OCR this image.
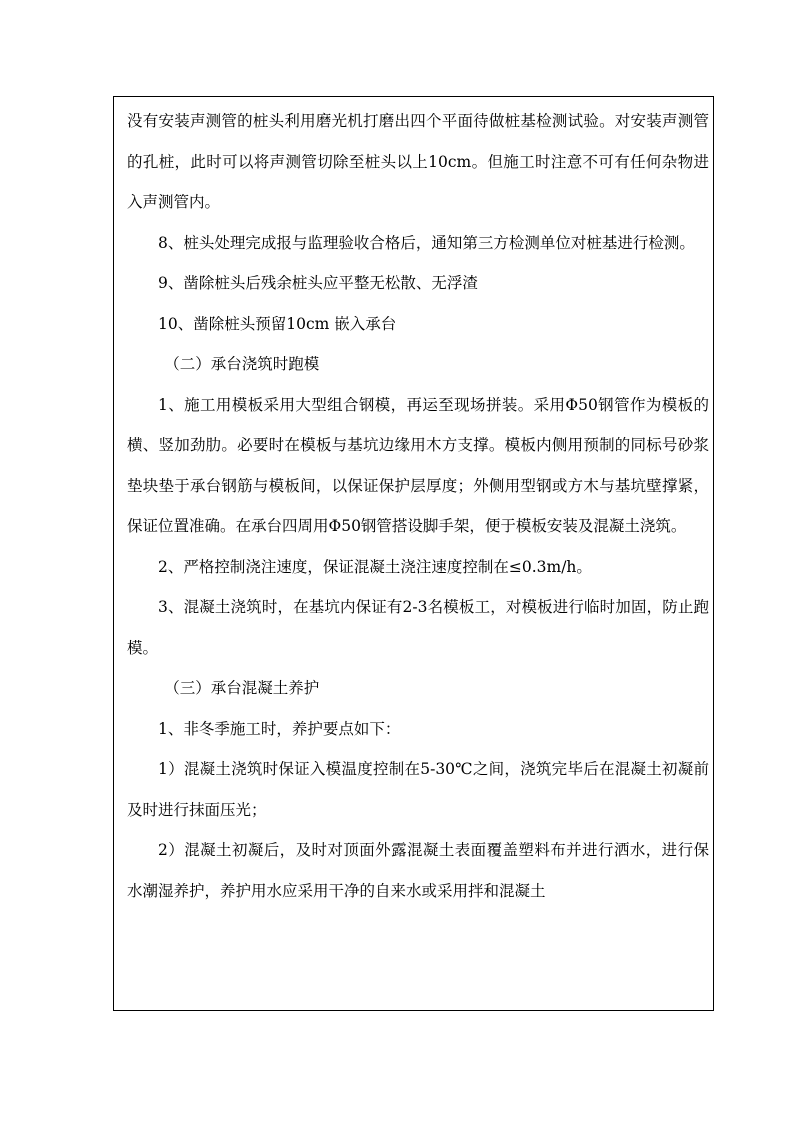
没有安装声测管的桩头利用磨光机打磨出四个平面待做桩基检测试验。对安装声测管的孔桩，此时可以将声测管切除至桩头以上10cm。但施工时注意不可有任何杂物进入声测管内。

8、桩头处理完成报与监理验收合格后，通知第三方检测单位对桩基进行检测。

9、凿除桩头后残余桩头应平整无松散、无浮渣

10、凿除桩头预留10cm 嵌入承台

（二）承台浇筑时跑模

1、施工用模板采用大型组合钢模，再运至现场拼装。采用Φ50钢管作为模板的横、竖加劲肋。必要时在模板与基坑边缘用木方支撑。模板内侧用预制的同标号砂浆垫块垫于承台钢筋与模板间，以保证保护层厚度；外侧用型钢或方木与基坑壁撑紧，保证位置准确。在承台四周用Φ50钢管搭设脚手架，便于模板安装及混凝土浇筑。

2、严格控制浇注速度，保证混凝土浇注速度控制在≤0.3m/h。

3、混凝土浇筑时，在基坑内保证有2-3名模板工，对模板进行临时加固，防止跑模。

（三）承台混凝土养护

1、非冬季施工时，养护要点如下：

1）混凝土浇筑时保证入模温度控制在5-30℃之间，浇筑完毕后在混凝土初凝前及时进行抹面压光；

2）混凝土初凝后，及时对顶面外露混凝土表面覆盖塑料布并进行洒水，进行保水潮湿养护，养护用水应采用干净的自来水或采用拌和混凝土
